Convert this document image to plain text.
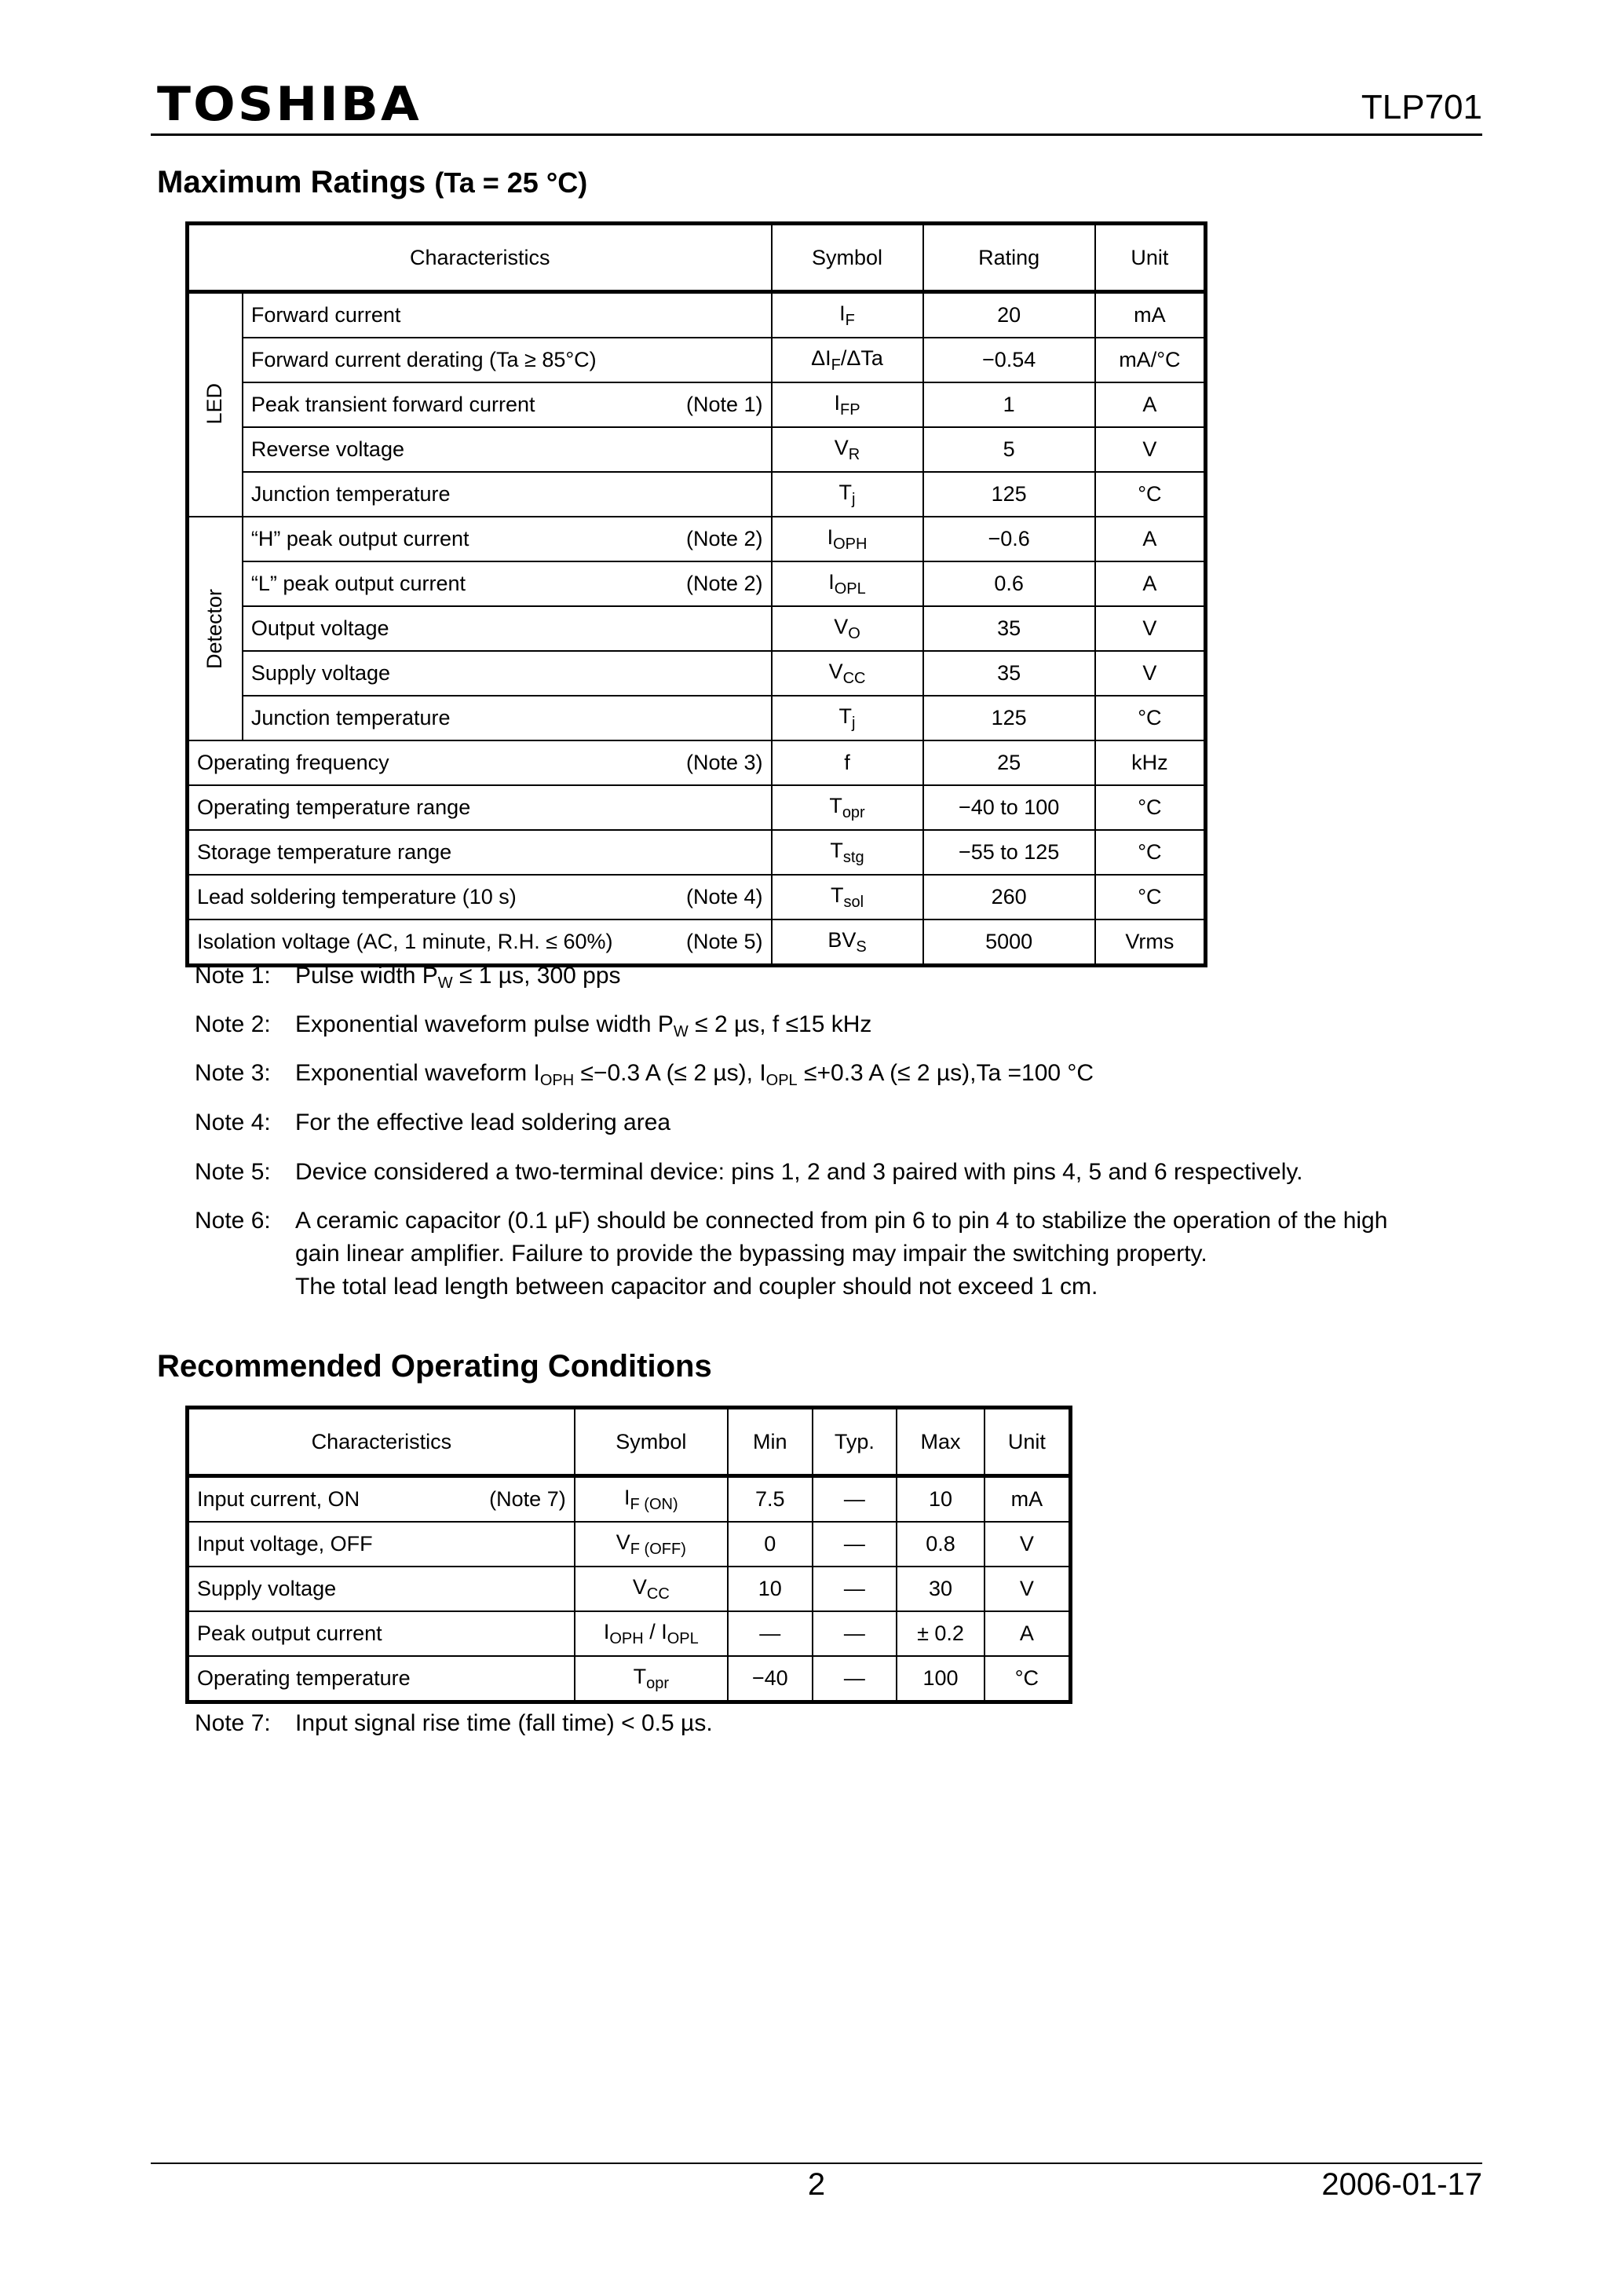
TOSHIBA	TLP701
Maximum Ratings (Ta = 25 °C)
Characteristics		Symbol	Rating	Unit
LED	Forward current	$I_F$	20	mA
	Forward current derating (Ta ≥ 85°C)	$\Delta I_F$/ΔTa	−0.54	mA/°C
	Peak transient forward current (Note 1)	$I_{FP}$	1	A
	Reverse voltage	$V_R$	5	V
	Junction temperature	$T_j$	125	°C
Detector	“H” peak output current (Note 2)	$I_{OPH}$	−0.6	A
	“L” peak output current (Note 2)	$I_{OPL}$	0.6	A
	Output voltage	$V_O$	35	V
	Supply voltage	$V_{CC}$	35	V
	Junction temperature	$T_j$	125	°C
Operating frequency (Note 3)		f	25	kHz
Operating temperature range		$T_{opr}$	−40 to 100	°C
Storage temperature range		$T_{stg}$	−55 to 125	°C
Lead soldering temperature (10 s) (Note 4)		$T_{sol}$	260	°C
Isolation voltage (AC, 1 minute, R.H. ≤ 60%) (Note 5)		$BV_S$	5000	Vrms
Note 1: Pulse width $P_W \le 1$ µs, 300 pps
Note 2: Exponential waveform pulse width $P_W \le 2$ µs, f ≤15 kHz
Note 3: Exponential waveform $I_{OPH} \le-0.3$ A (≤ 2 µs), $I_{OPL} \le+0.3$ A (≤ 2 µs),Ta =100 °C
Note 4: For the effective lead soldering area
Note 5: Device considered a two-terminal device: pins 1, 2 and 3 paired with pins 4, 5 and 6 respectively.
Note 6: A ceramic capacitor (0.1 µF) should be connected from pin 6 to pin 4 to stabilize the operation of the high
gain linear amplifier. Failure to provide the bypassing may impair the switching property.
The total lead length between capacitor and coupler should not exceed 1 cm.
Recommended Operating Conditions
Characteristics	Symbol	Min	Typ.	Max	Unit
Input current, ON (Note 7)	$I_{F (ON)}$	7.5	—	10	mA
Input voltage, OFF	$V_{F (OFF)}$	0	—	0.8	V
Supply voltage	$V_{CC}$	10	—	30	V
Peak output current	$I_{OPH} / I_{OPL}$	—	—	± 0.2	A
Operating temperature	$T_{opr}$	−40	—	100	°C
Note 7: Input signal rise time (fall time) < 0.5 µs.
2	2006-01-17
